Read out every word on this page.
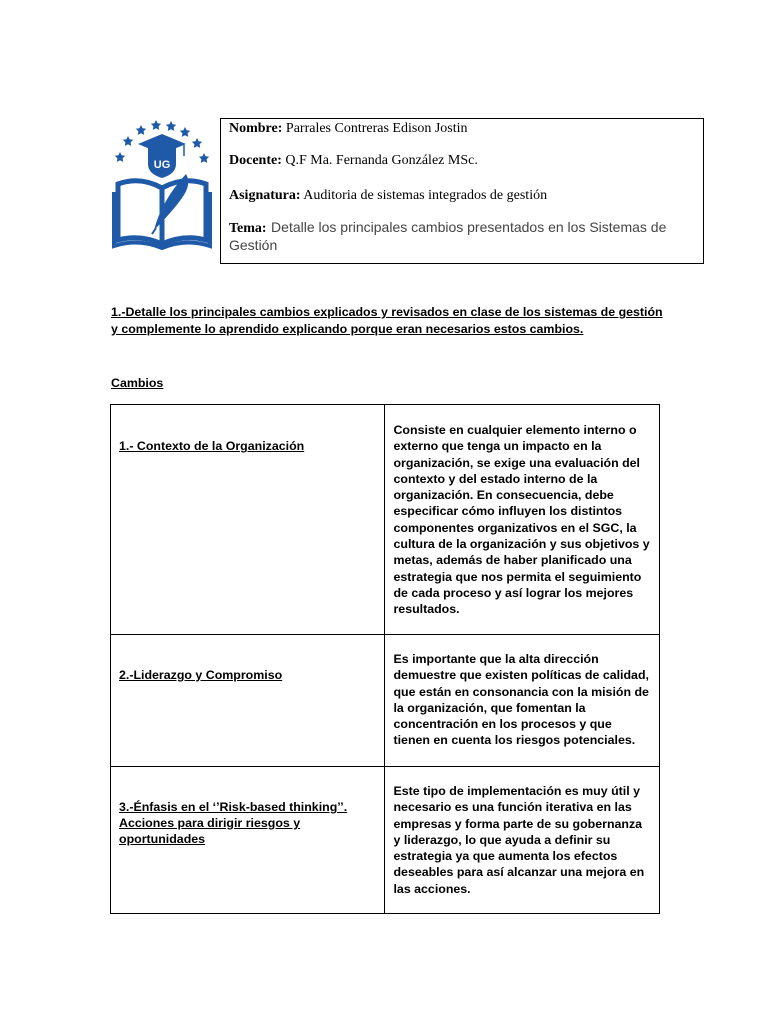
UG
Nombre: Parrales Contreras Edison Jostin
Docente: Q.F Ma. Fernanda González MSc.
Asignatura: Auditoria de sistemas integrados de gestión
Tema: Detalle los principales cambios presentados en los Sistemas de Gestión
1.-Detalle los principales cambios explicados y revisados en clase de los sistemas de gestión y complemente lo aprendido explicando porque eran necesarios estos cambios.
Cambios
1.- Contexto de la Organización	Consiste en cualquier elemento interno o externo que tenga un impacto en la organización, se exige una evaluación del contexto y del estado interno de la organización. En consecuencia, debe especificar cómo influyen los distintos componentes organizativos en el SGC, la cultura de la organización y sus objetivos y metas, además de haber planificado una estrategia que nos permita el seguimiento de cada proceso y así lograr los mejores resultados.

2.-Liderazgo y Compromiso	Es importante que la alta dirección demuestre que existen políticas de calidad, que están en consonancia con la misión de la organización, que fomentan la concentración en los procesos y que tienen en cuenta los riesgos potenciales.

3.-Énfasis en el ‘’Risk-based thinking’’. Acciones para dirigir riesgos y oportunidades	Este tipo de implementación es muy útil y necesario es una función iterativa en las empresas y forma parte de su gobernanza y liderazgo, lo que ayuda a definir su estrategia ya que aumenta los efectos deseables para así alcanzar una mejora en las acciones.
